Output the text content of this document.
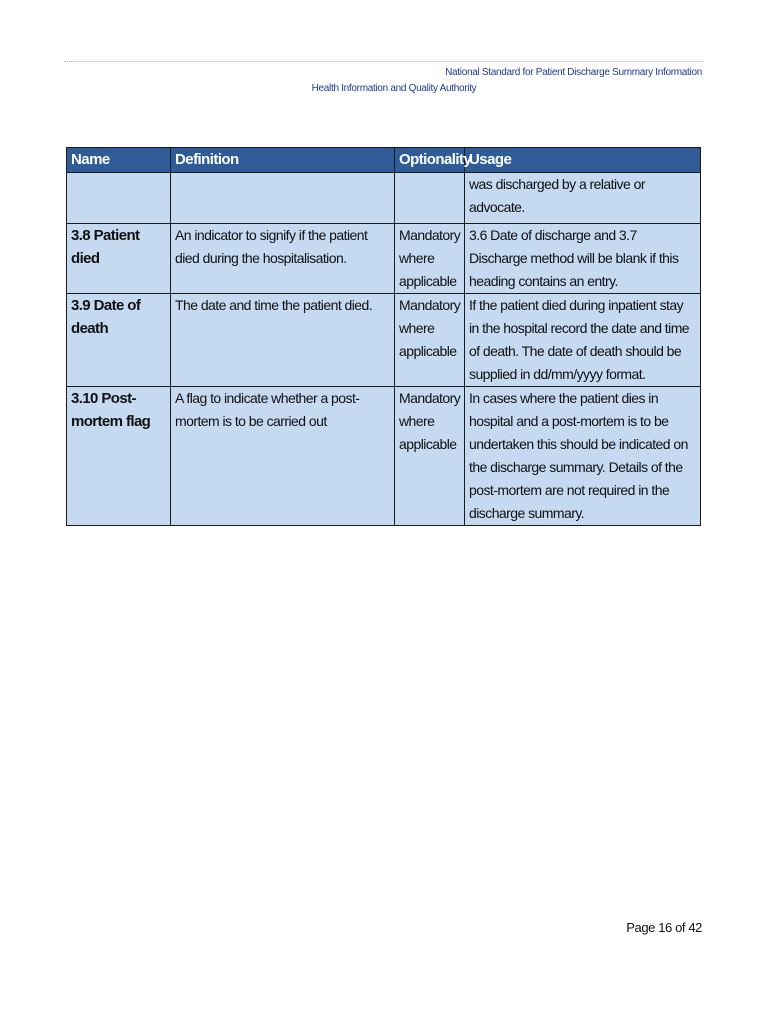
National Standard for Patient Discharge Summary Information
Health Information and Quality Authority
Name	Definition	Optionality	Usage
			was discharged by a relative or advocate.
3.8 Patient died	An indicator to signify if the patient died during the hospitalisation.	Mandatory where applicable	3.6 Date of discharge and 3.7 Discharge method will be blank if this heading contains an entry.
3.9 Date of death	The date and time the patient died.	Mandatory where applicable	If the patient died during inpatient stay in the hospital record the date and time of death. The date of death should be supplied in dd/mm/yyyy format.
3.10 Post-mortem flag	A flag to indicate whether a post-mortem is to be carried out	Mandatory where applicable	In cases where the patient dies in hospital and a post-mortem is to be undertaken this should be indicated on the discharge summary. Details of the post-mortem are not required in the discharge summary.
Page 16 of 42
